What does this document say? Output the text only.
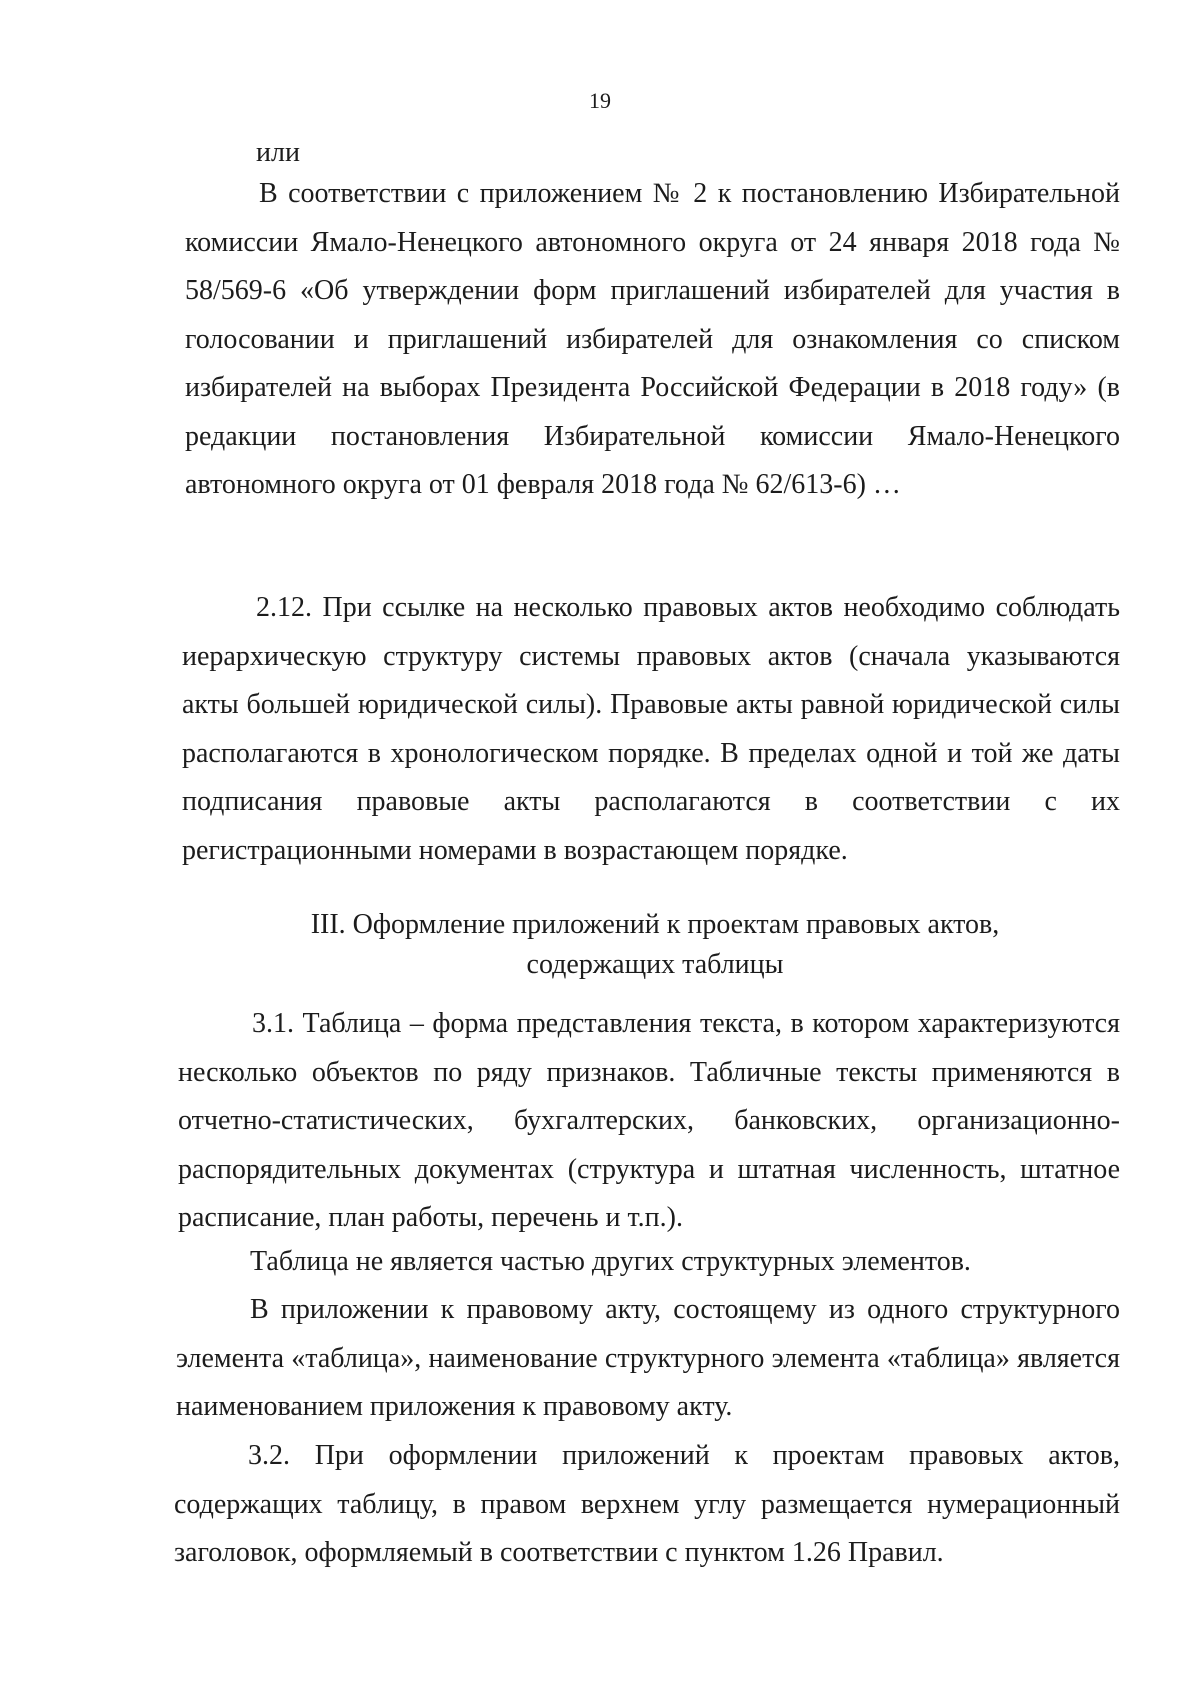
19

или

В соответствии с приложением № 2 к постановлению Избирательной комиссии Ямало-Ненецкого автономного округа от 24 января 2018 года № 58/569-6 «Об утверждении форм приглашений избирателей для участия в голосовании и приглашений избирателей для ознакомления со списком избирателей на выборах Президента Российской Федерации в 2018 году» (в редакции постановления Избирательной комиссии Ямало-Ненецкого автономного округа от 01 февраля 2018 года № 62/613-6) …

2.12. При ссылке на несколько правовых актов необходимо соблюдать иерархическую структуру системы правовых актов (сначала указываются акты большей юридической силы). Правовые акты равной юридической силы располагаются в хронологическом порядке. В пределах одной и той же даты подписания правовые акты располагаются в соответствии с их регистрационными номерами в возрастающем порядке.

III. Оформление приложений к проектам правовых актов,
содержащих таблицы

3.1. Таблица – форма представления текста, в котором характеризуются несколько объектов по ряду признаков. Табличные тексты применяются в отчетно-статистических, бухгалтерских, банковских, организационно-распорядительных документах (структура и штатная численность, штатное расписание, план работы, перечень и т.п.).

Таблица не является частью других структурных элементов.

В приложении к правовому акту, состоящему из одного структурного элемента «таблица», наименование структурного элемента «таблица» является наименованием приложения к правовому акту.

3.2. При оформлении приложений к проектам правовых актов, содержащих таблицу, в правом верхнем углу размещается нумерационный заголовок, оформляемый в соответствии с пунктом 1.26 Правил.
